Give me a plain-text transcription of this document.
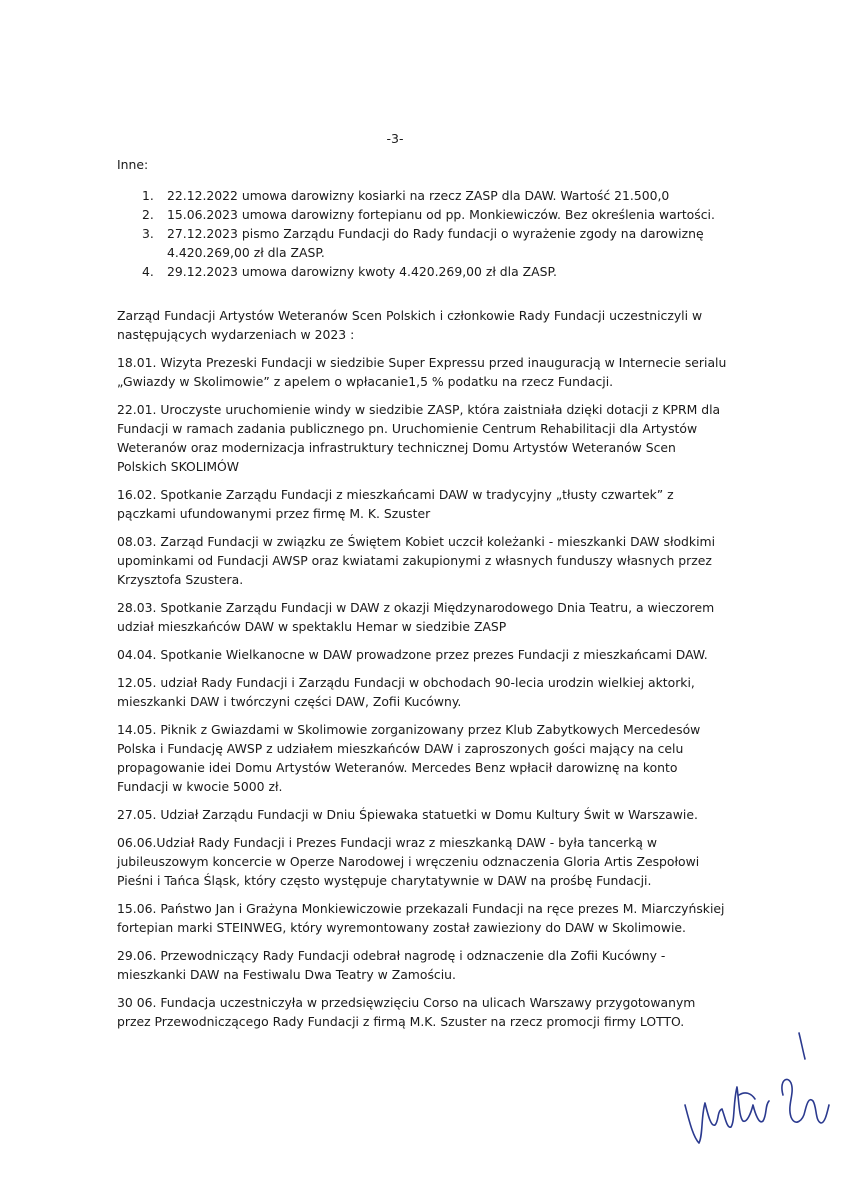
-3-

Inne:

1. 22.12.2022 umowa darowizny kosiarki na rzecz ZASP dla DAW. Wartość 21.500,0
2. 15.06.2023 umowa darowizny fortepianu od pp. Monkiewiczów. Bez określenia wartości.
3. 27.12.2023 pismo Zarządu Fundacji do Rady fundacji o wyrażenie zgody na darowiznę 4.420.269,00 zł dla ZASP.
4. 29.12.2023 umowa darowizny kwoty 4.420.269,00 zł dla ZASP.

Zarząd Fundacji Artystów Weteranów Scen Polskich i członkowie Rady Fundacji uczestniczyli w następujących wydarzeniach w 2023 :

18.01. Wizyta Prezeski Fundacji w siedzibie Super Expressu przed inauguracją w Internecie serialu „Gwiazdy w Skolimowie” z apelem o wpłacanie1,5 % podatku na rzecz Fundacji.

22.01. Uroczyste uruchomienie windy w siedzibie ZASP, która zaistniała dzięki dotacji z KPRM dla Fundacji w ramach zadania publicznego pn. Uruchomienie Centrum Rehabilitacji dla Artystów Weteranów oraz modernizacja infrastruktury technicznej Domu Artystów Weteranów Scen Polskich SKOLIMÓW

16.02. Spotkanie Zarządu Fundacji z mieszkańcami DAW w tradycyjny „tłusty czwartek” z pączkami ufundowanymi przez firmę M. K. Szuster

08.03. Zarząd Fundacji w związku ze Świętem Kobiet uczcił koleżanki - mieszkanki DAW słodkimi upominkami od Fundacji AWSP oraz kwiatami zakupionymi z własnych funduszy własnych przez Krzysztofa Szustera.

28.03. Spotkanie Zarządu Fundacji w DAW z okazji Międzynarodowego Dnia Teatru, a wieczorem udział mieszkańców DAW w spektaklu Hemar w siedzibie ZASP

04.04. Spotkanie Wielkanocne w DAW prowadzone przez prezes Fundacji z mieszkańcami DAW.

12.05. udział Rady Fundacji i Zarządu Fundacji w obchodach 90-lecia urodzin wielkiej aktorki, mieszkanki DAW i twórczyni części DAW, Zofii Kucówny.

14.05. Piknik z Gwiazdami w Skolimowie zorganizowany przez Klub Zabytkowych Mercedesów Polska i Fundację AWSP z udziałem mieszkańców DAW i zaproszonych gości mający na celu propagowanie idei Domu Artystów Weteranów. Mercedes Benz wpłacił darowiznę na konto Fundacji w kwocie 5000 zł.

27.05. Udział Zarządu Fundacji w Dniu Śpiewaka statuetki w Domu Kultury Świt w Warszawie.

06.06.Udział Rady Fundacji i Prezes Fundacji wraz z mieszkanką DAW - była tancerką w jubileuszowym koncercie w Operze Narodowej i wręczeniu odznaczenia Gloria Artis Zespołowi Pieśni i Tańca Śląsk, który często występuje charytatywnie w DAW na prośbę Fundacji.

15.06. Państwo Jan i Grażyna Monkiewiczowie przekazali Fundacji na ręce prezes M. Miarczyńskiej fortepian marki STEINWEG, który wyremontowany został zawieziony do DAW w Skolimowie.

29.06. Przewodniczący Rady Fundacji odebrał nagrodę i odznaczenie dla Zofii Kucówny - mieszkanki DAW na Festiwalu Dwa Teatry w Zamościu.

30 06. Fundacja uczestniczyła w przedsięwzięciu Corso na ulicach Warszawy przygotowanym przez Przewodniczącego Rady Fundacji z firmą M.K. Szuster na rzecz promocji firmy LOTTO.
